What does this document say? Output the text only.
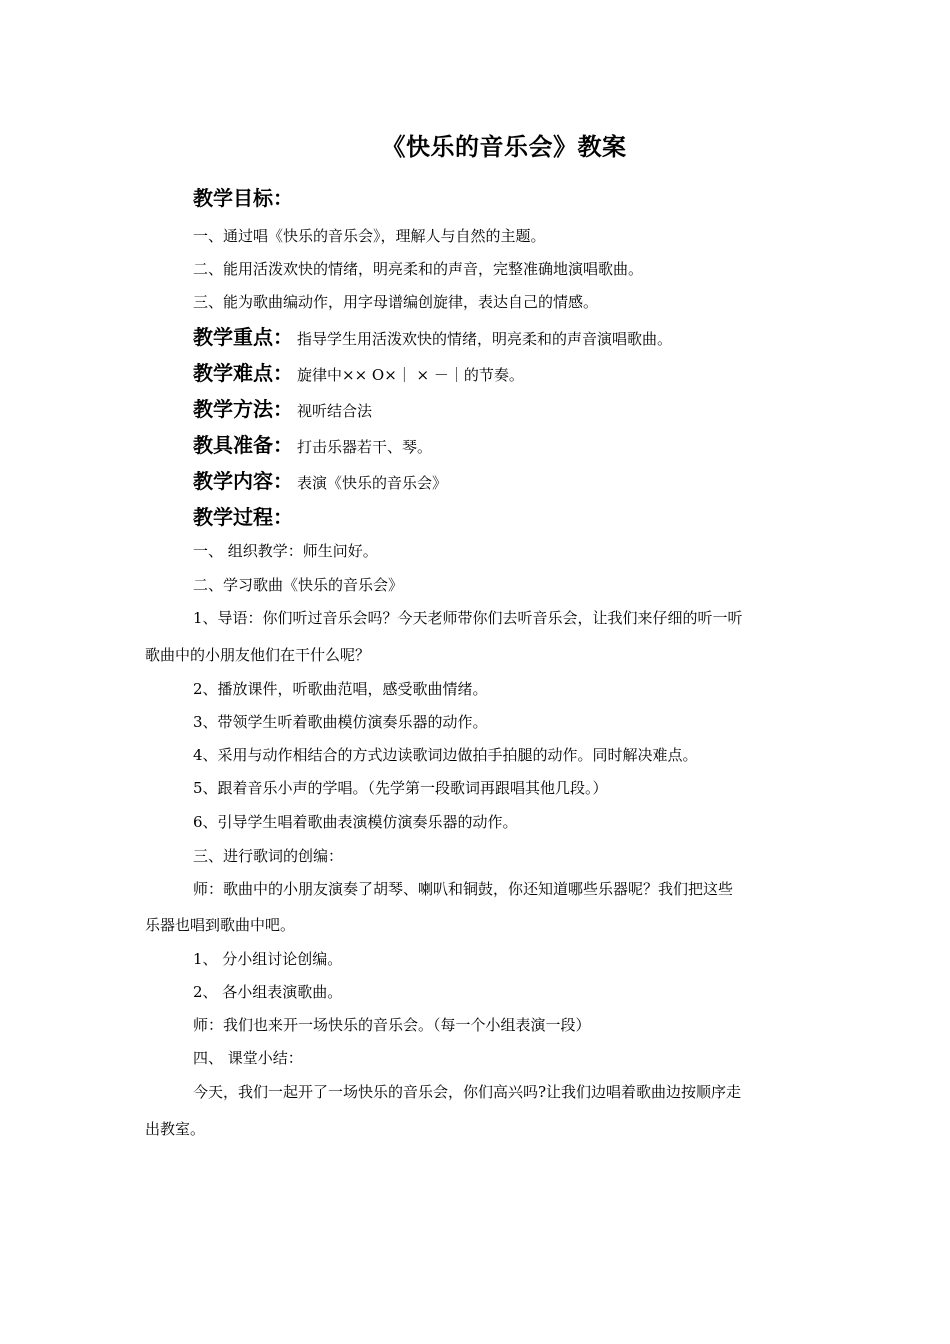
《快乐的音乐会》教案
教学目标：
一、通过唱《快乐的音乐会》，理解人与自然的主题。
二、能用活泼欢快的情绪，明亮柔和的声音，完整准确地演唱歌曲。
三、能为歌曲编动作，用字母谱编创旋律，表达自己的情感。
教学重点： 指导学生用活泼欢快的情绪，明亮柔和的声音演唱歌曲。
教学难点： 旋律中×× O×｜ × －｜的节奏。
教学方法： 视听结合法
教具准备： 打击乐器若干、琴。
教学内容： 表演《快乐的音乐会》
教学过程：
一、 组织教学：师生问好。
二、学习歌曲《快乐的音乐会》
1、导语：你们听过音乐会吗？今天老师带你们去听音乐会，让我们来仔细的听一听
歌曲中的小朋友他们在干什么呢？
2、播放课件，听歌曲范唱，感受歌曲情绪。
3、带领学生听着歌曲模仿演奏乐器的动作。
4、采用与动作相结合的方式边读歌词边做拍手拍腿的动作。同时解决难点。
5、跟着音乐小声的学唱。（先学第一段歌词再跟唱其他几段。）
6、引导学生唱着歌曲表演模仿演奏乐器的动作。
三、进行歌词的创编：
师：歌曲中的小朋友演奏了胡琴、喇叭和铜鼓，你还知道哪些乐器呢？我们把这些
乐器也唱到歌曲中吧。
1、 分小组讨论创编。
2、 各小组表演歌曲。
师：我们也来开一场快乐的音乐会。（每一个小组表演一段）
四、 课堂小结：
今天，我们一起开了一场快乐的音乐会，你们高兴吗?让我们边唱着歌曲边按顺序走
出教室。
